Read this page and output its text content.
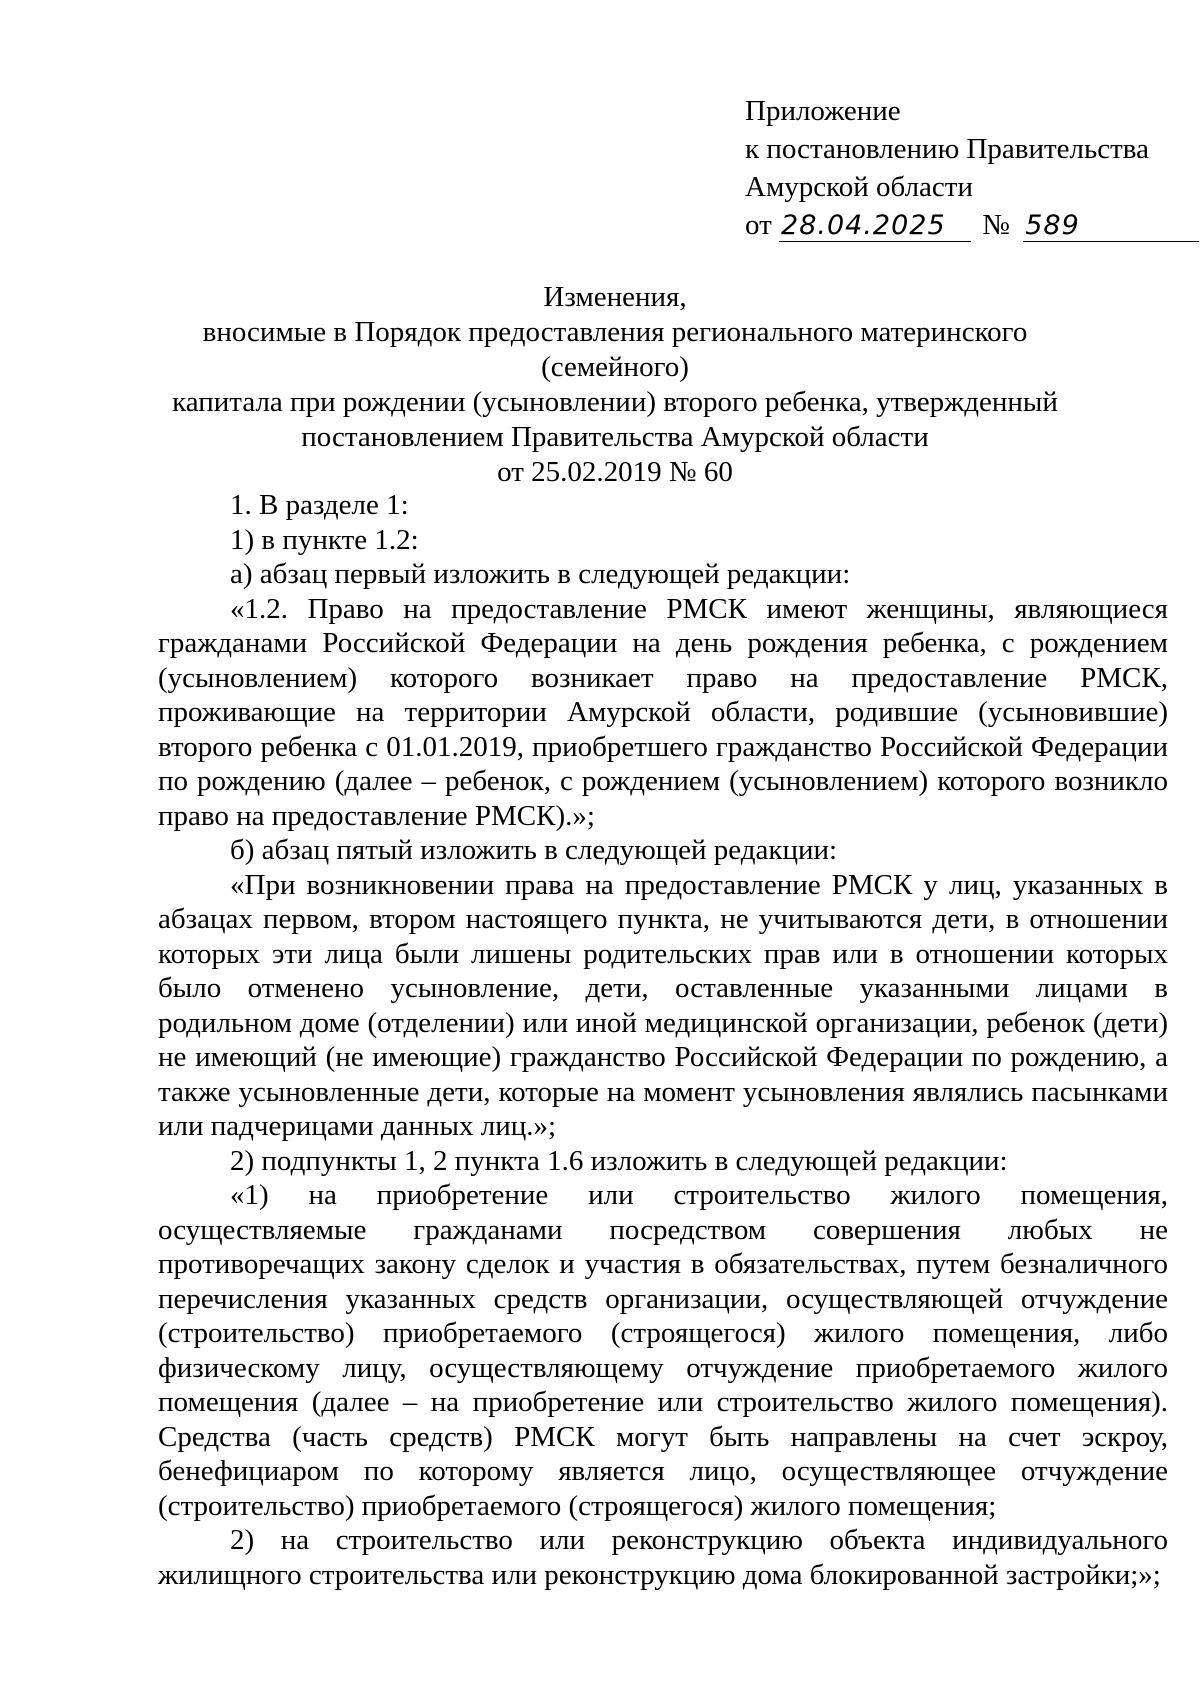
Приложение
к постановлению Правительства
Амурской области
от 28.04.2025 № 589
Изменения,
вносимые в Порядок предоставления регионального материнского (семейного)
капитала при рождении (усыновлении) второго ребенка, утвержденный
постановлением Правительства Амурской области
от 25.02.2019 № 60

1. В разделе 1:

1) в пункте 1.2:

а) абзац первый изложить в следующей редакции:

«1.2. Право на предоставление РМСК имеют женщины, являющиеся гражданами Российской Федерации на день рождения ребенка, с рождением (усыновлением) которого возникает право на предоставление РМСК, проживающие на территории Амурской области, родившие (усыновившие) второго ребенка с 01.01.2019, приобретшего гражданство Российской Федерации по рождению (далее – ребенок, с рождением (усыновлением) которого возникло право на предоставление РМСК).»;

б) абзац пятый изложить в следующей редакции:

«При возникновении права на предоставление РМСК у лиц, указанных в абзацах первом, втором настоящего пункта, не учитываются дети, в отношении которых эти лица были лишены родительских прав или в отношении которых было отменено усыновление, дети, оставленные указанными лицами в родильном доме (отделении) или иной медицинской организации, ребенок (дети) не имеющий (не имеющие) гражданство Российской Федерации по рождению, а также усыновленные дети, которые на момент усыновления являлись пасынками или падчерицами данных лиц.»;

2) подпункты 1, 2 пункта 1.6 изложить в следующей редакции:

«1) на приобретение или строительство жилого помещения, осуществляемые гражданами посредством совершения любых не противоречащих закону сделок и участия в обязательствах, путем безналичного перечисления указанных средств организации, осуществляющей отчуждение (строительство) приобретаемого (строящегося) жилого помещения, либо физическому лицу, осуществляющему отчуждение приобретаемого жилого помещения (далее – на приобретение или строительство жилого помещения). Средства (часть средств) РМСК могут быть направлены на счет эскроу, бенефициаром по которому является лицо, осуществляющее отчуждение (строительство) приобретаемого (строящегося) жилого помещения;

2) на строительство или реконструкцию объекта индивидуального жилищного строительства или реконструкцию дома блокированной застройки;»;
